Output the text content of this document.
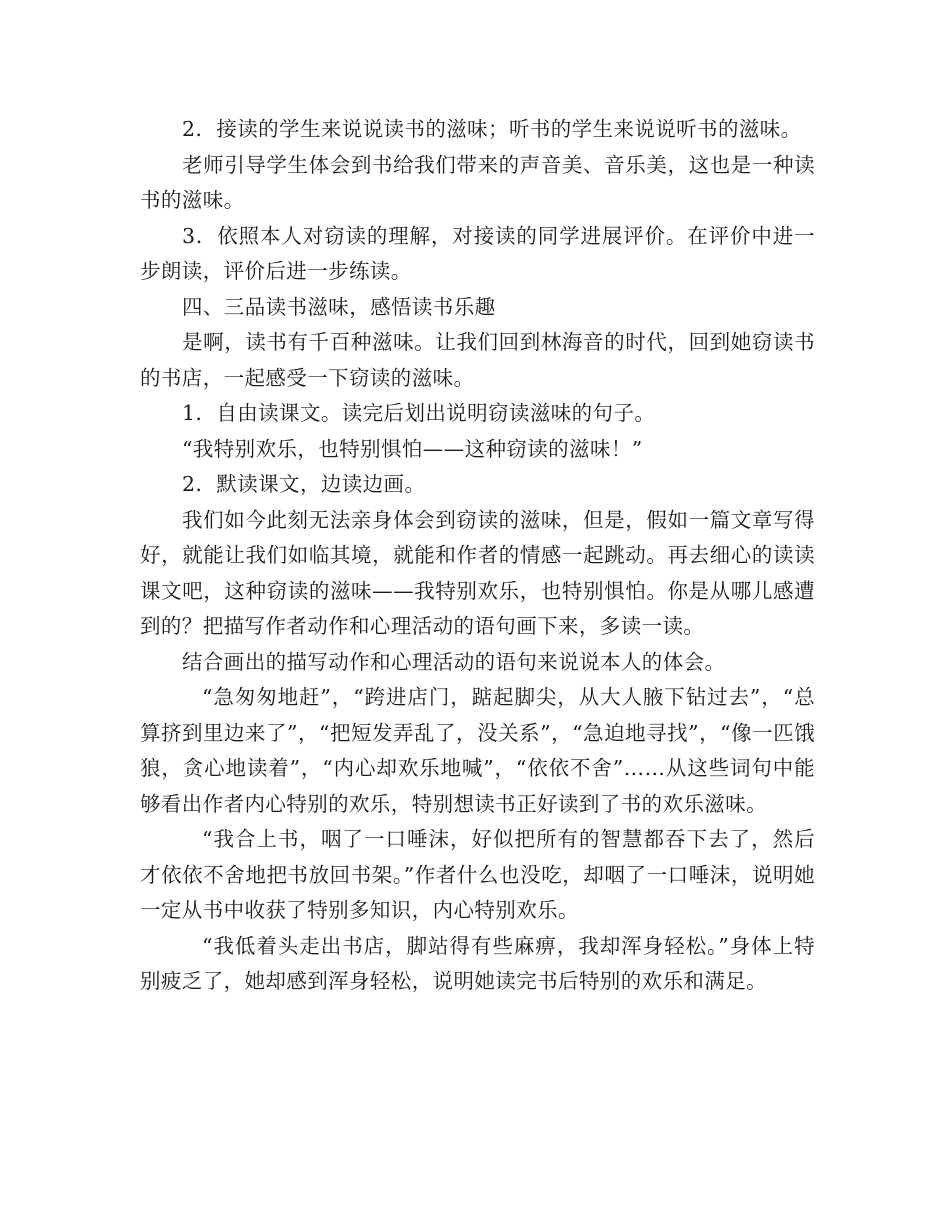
2．接读的学生来说说读书的滋味；听书的学生来说说听书的滋味。

老师引导学生体会到书给我们带来的声音美、音乐美，这也是一种读书的滋味。

3．依照本人对窃读的理解，对接读的同学进展评价。在评价中进一步朗读，评价后进一步练读。

四、三品读书滋味，感悟读书乐趣

是啊，读书有千百种滋味。让我们回到林海音的时代，回到她窃读书的书店，一起感受一下窃读的滋味。

1．自由读课文。读完后划出说明窃读滋味的句子。

“我特别欢乐，也特别惧怕——这种窃读的滋味！”

2．默读课文，边读边画。

我们如今此刻无法亲身体会到窃读的滋味，但是，假如一篇文章写得好，就能让我们如临其境，就能和作者的情感一起跳动。再去细心的读读课文吧，这种窃读的滋味——我特别欢乐，也特别惧怕。你是从哪儿感遭到的？把描写作者动作和心理活动的语句画下来，多读一读。

结合画出的描写动作和心理活动的语句来说说本人的体会。

“急匆匆地赶”，“跨进店门，踮起脚尖，从大人腋下钻过去”，“总算挤到里边来了”，“把短发弄乱了，没关系”，“急迫地寻找”，“像一匹饿狼，贪心地读着”，“内心却欢乐地喊”，“依依不舍”……从这些词句中能够看出作者内心特别的欢乐，特别想读书正好读到了书的欢乐滋味。

“我合上书，咽了一口唾沫，好似把所有的智慧都吞下去了，然后才依依不舍地把书放回书架。”作者什么也没吃，却咽了一口唾沫，说明她一定从书中收获了特别多知识，内心特别欢乐。

“我低着头走出书店，脚站得有些麻痹，我却浑身轻松。”身体上特别疲乏了，她却感到浑身轻松，说明她读完书后特别的欢乐和满足。
